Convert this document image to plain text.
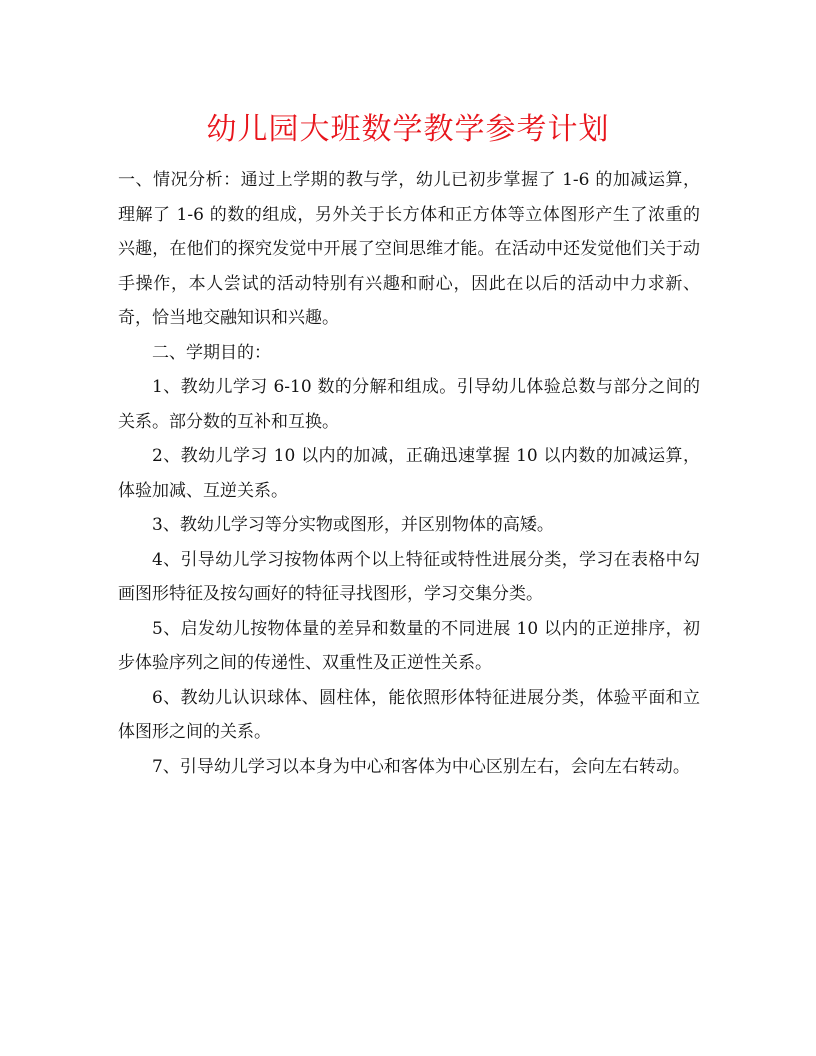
幼儿园大班数学教学参考计划

一、情况分析：通过上学期的教与学，幼儿已初步掌握了 1-6 的加减运算，理解了 1-6 的数的组成，另外关于长方体和正方体等立体图形产生了浓重的兴趣，在他们的探究发觉中开展了空间思维才能。在活动中还发觉他们关于动手操作，本人尝试的活动特别有兴趣和耐心，因此在以后的活动中力求新、奇，恰当地交融知识和兴趣。

二、学期目的：

1、教幼儿学习 6-10 数的分解和组成。引导幼儿体验总数与部分之间的关系。部分数的互补和互换。

2、教幼儿学习 10 以内的加减，正确迅速掌握 10 以内数的加减运算，体验加减、互逆关系。

3、教幼儿学习等分实物或图形，并区别物体的高矮。

4、引导幼儿学习按物体两个以上特征或特性进展分类，学习在表格中勾画图形特征及按勾画好的特征寻找图形，学习交集分类。

5、启发幼儿按物体量的差异和数量的不同进展 10 以内的正逆排序，初步体验序列之间的传递性、双重性及正逆性关系。

6、教幼儿认识球体、圆柱体，能依照形体特征进展分类，体验平面和立体图形之间的关系。

7、引导幼儿学习以本身为中心和客体为中心区别左右，会向左右转动。
